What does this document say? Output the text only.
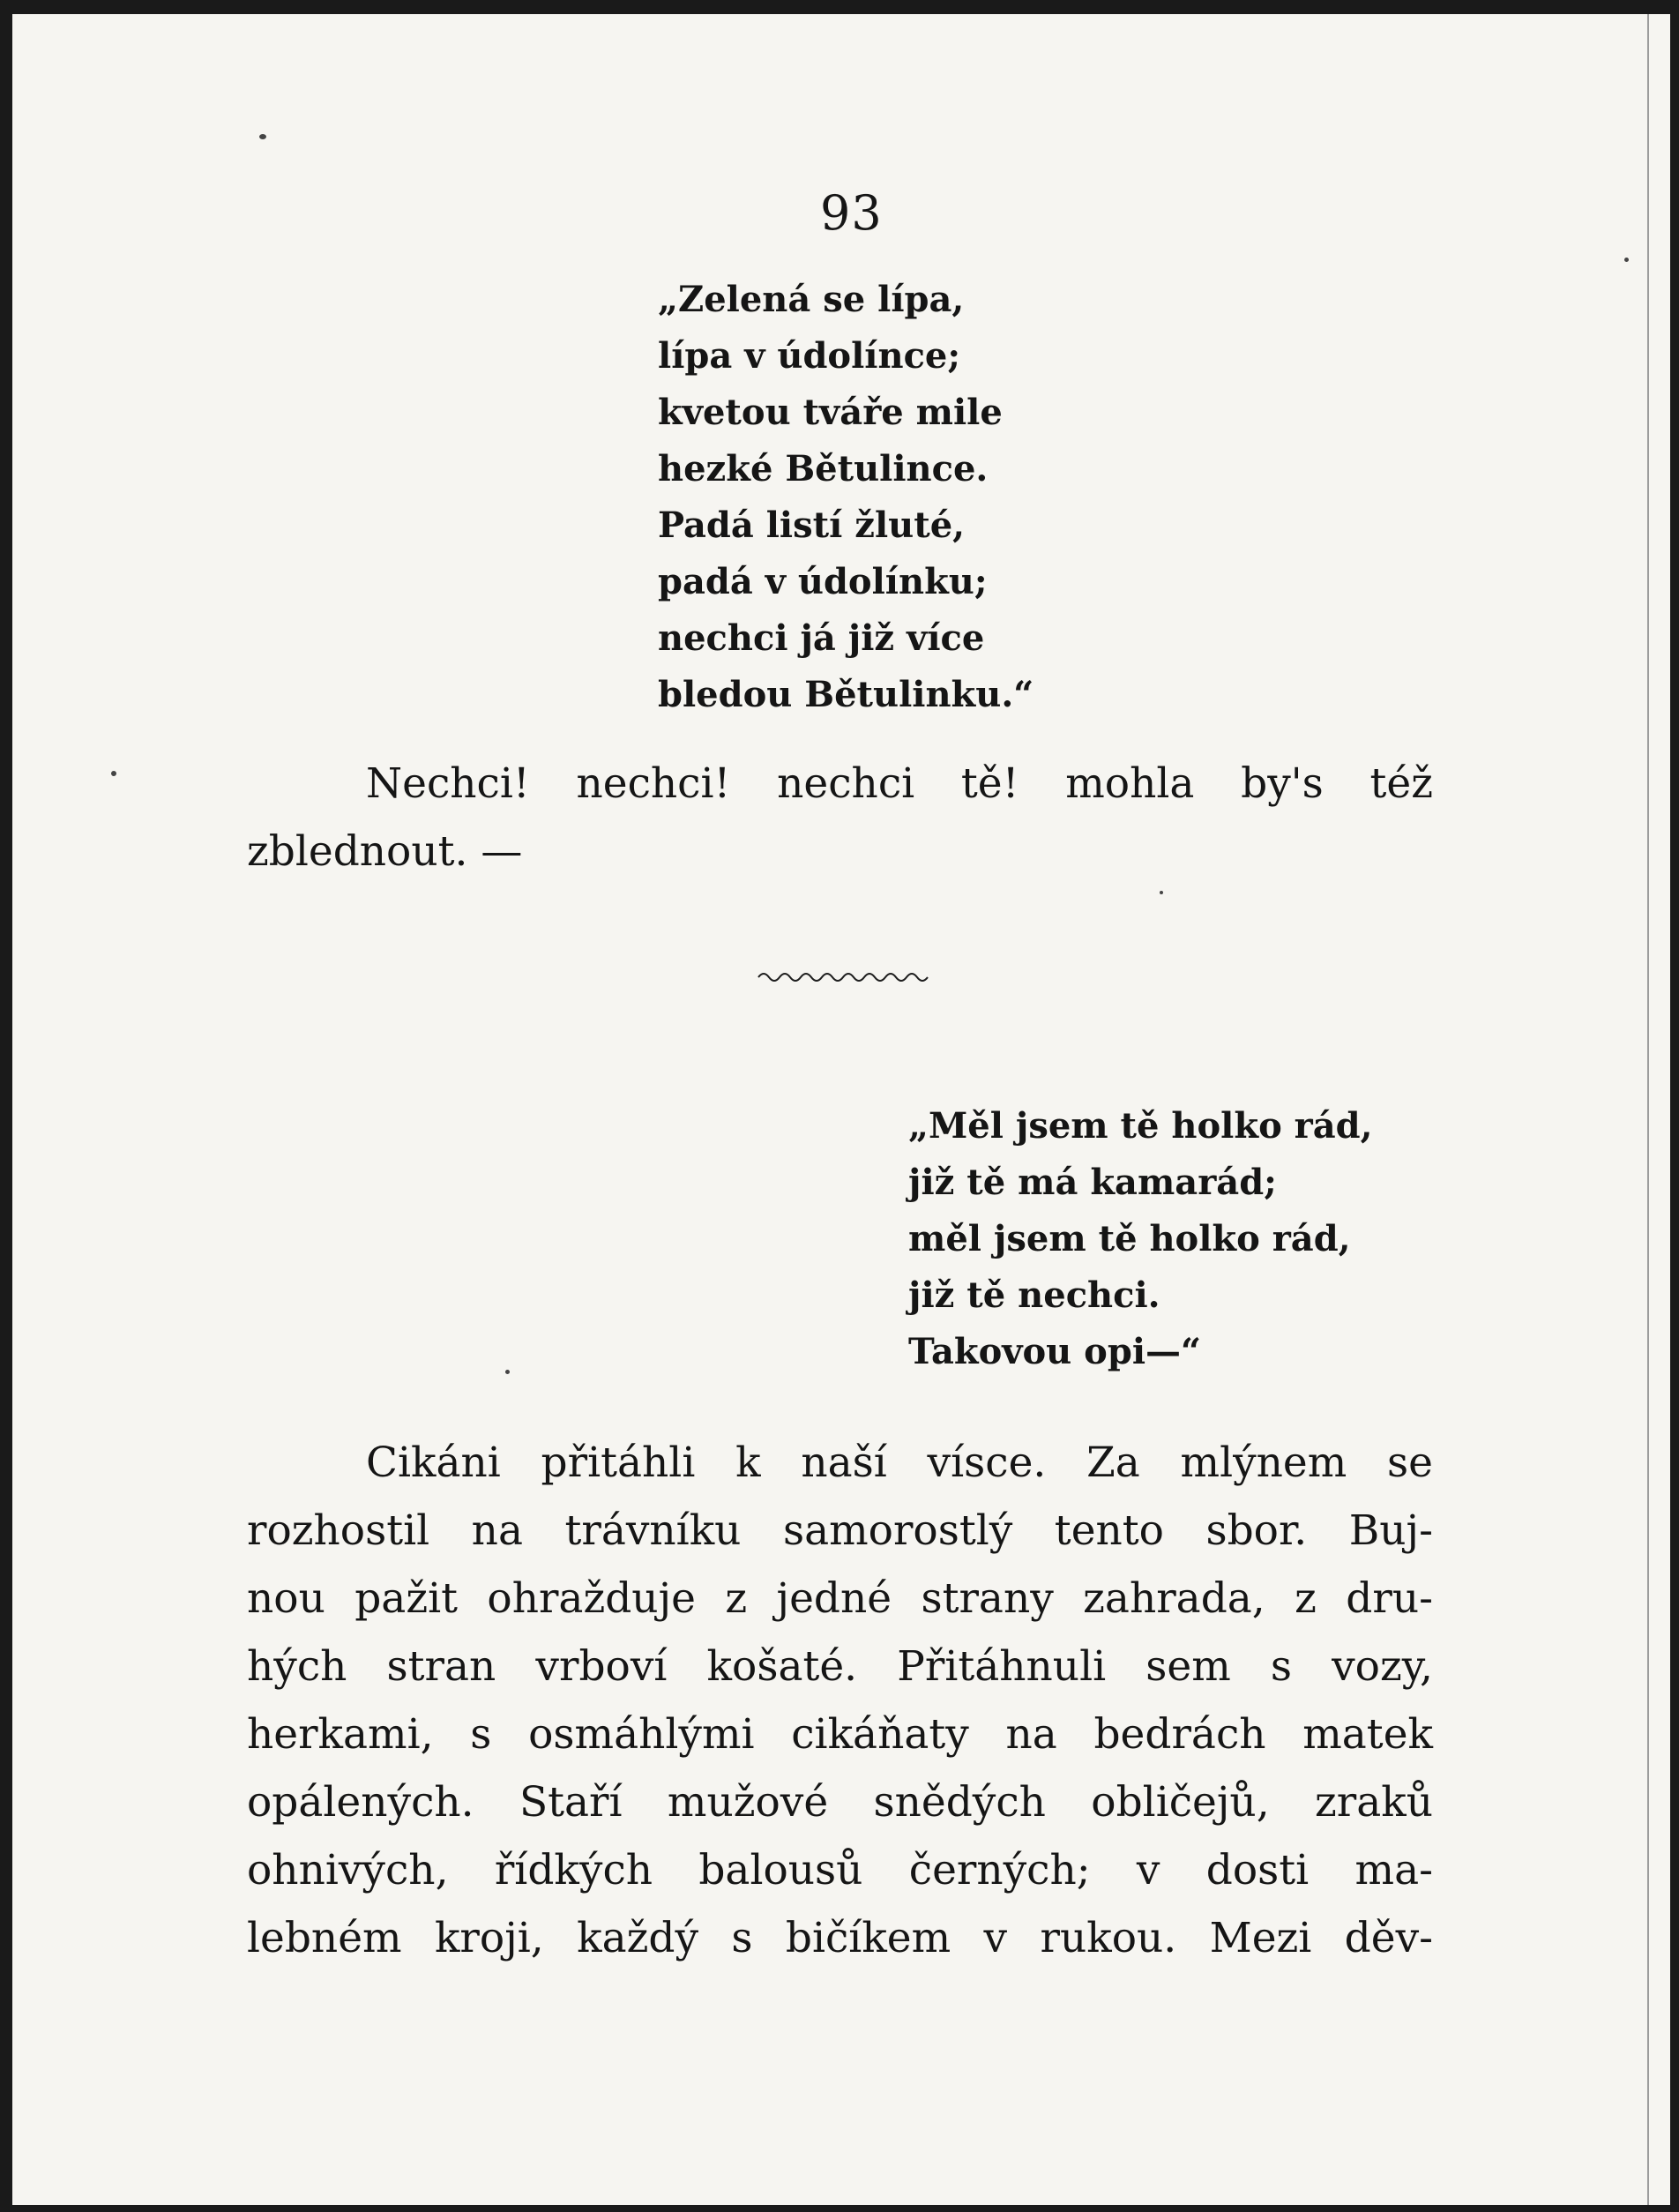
93
„Zelená se lípa,
lípa v údolínce;
kvetou tváře mile
hezké Bětulince.
Padá listí žluté,
padá v údolínku;
nechci já již více
bledou Bětulinku.“
Nechci! nechci! nechci tě! mohla by's též
zblednout. —
„Měl jsem tě holko rád,
již tě má kamarád;
měl jsem tě holko rád,
již tě nechci.
Takovou opi—“
Cikáni přitáhli k naší vísce. Za mlýnem se
rozhostil na trávníku samorostlý tento sbor. Buj-
nou pažit ohražduje z jedné strany zahrada, z dru-
hých stran vrboví košaté. Přitáhnuli sem s vozy,
herkami, s osmáhlými cikáňaty na bedrách matek
opálených. Staří mužové snědých obličejů, zraků
ohnivých, řídkých balousů černých; v dosti ma-
lebném kroji, každý s bičíkem v rukou. Mezi děv-
